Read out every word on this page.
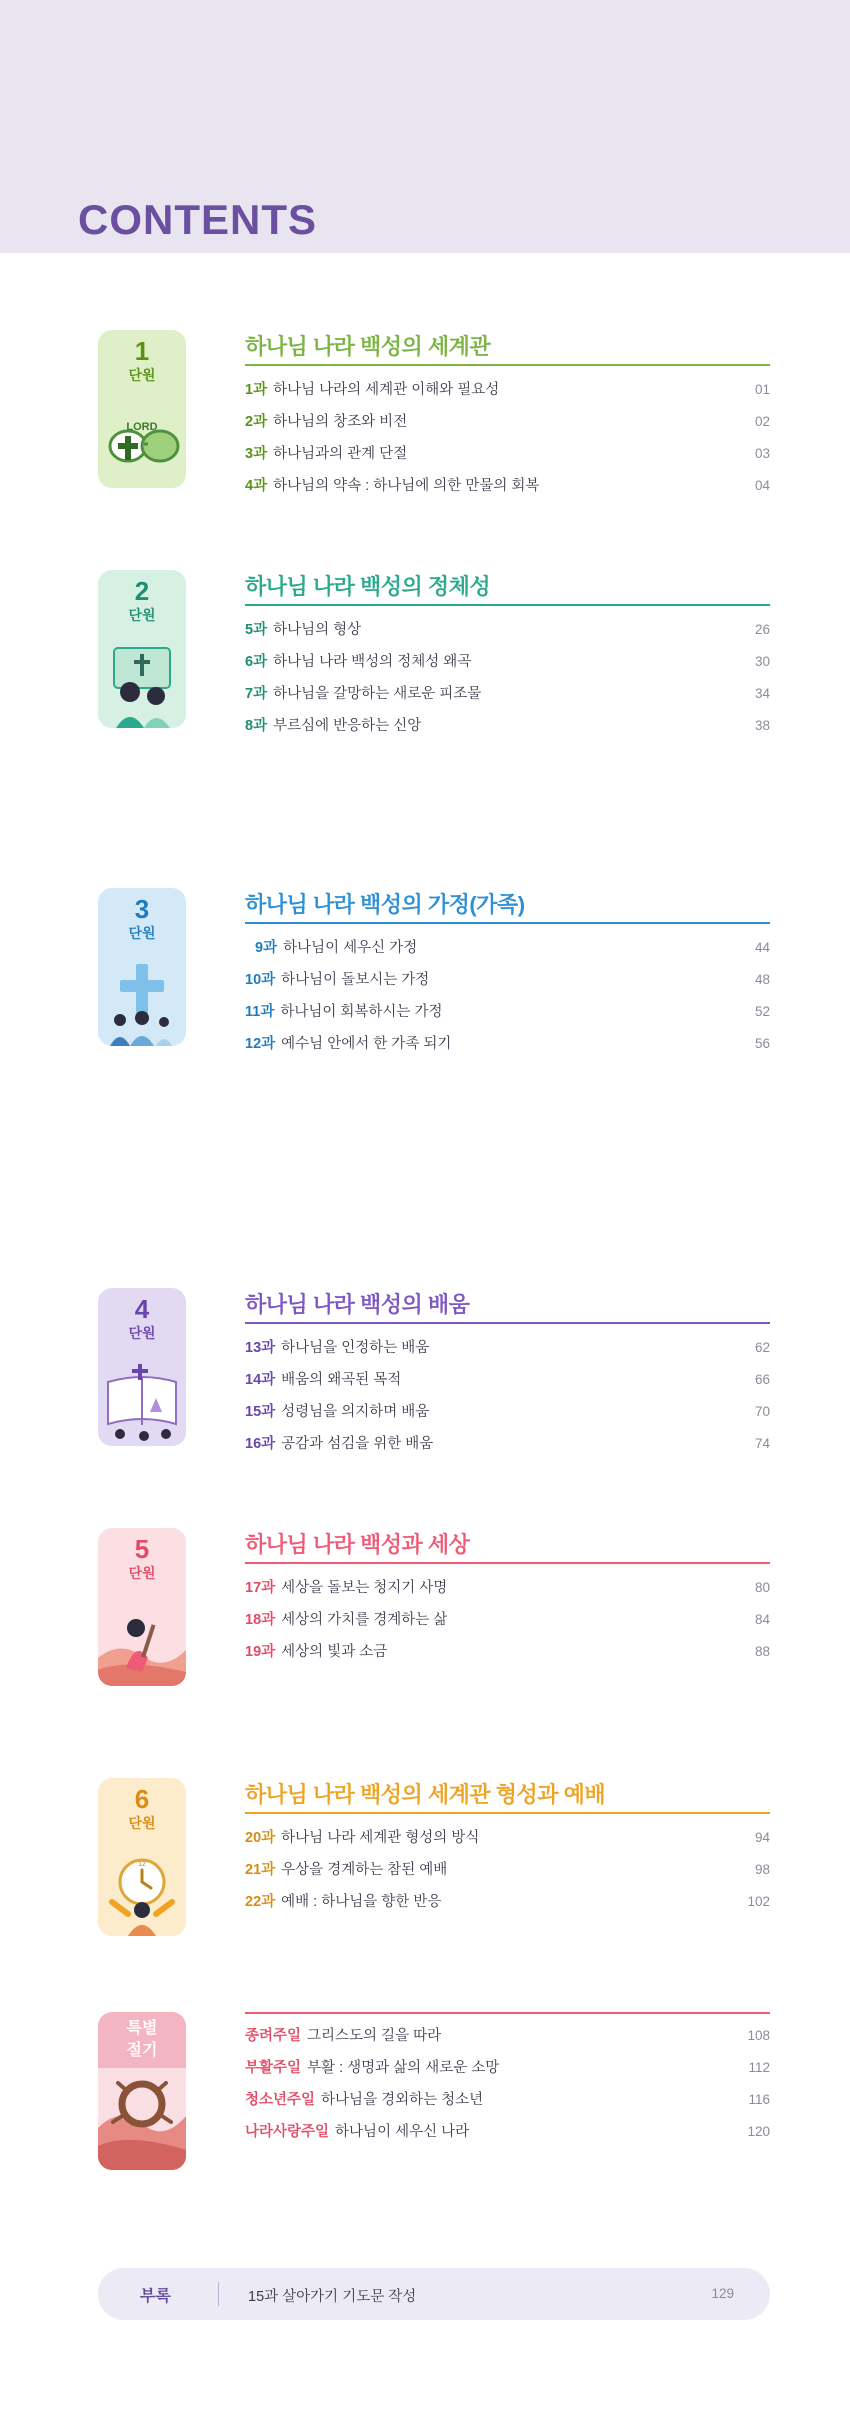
CONTENTS
1
단원
LORD
하나님 나라 백성의 세계관
1과 하나님 나라의 세계관 이해와 필요성	01
2과 하나님의 창조와 비전	02
3과 하나님과의 관계 단절	03
4과 하나님의 약속 : 하나님에 의한 만물의 회복	04
2
단원
하나님 나라 백성의 정체성
5과 하나님의 형상	26
6과 하나님 나라 백성의 정체성 왜곡	30
7과 하나님을 갈망하는 새로운 피조물	34
8과 부르심에 반응하는 신앙	38
3
단원
하나님 나라 백성의 가정(가족)
9과 하나님이 세우신 가정	44
10과 하나님이 돌보시는 가정	48
11과 하나님이 회복하시는 가정	52
12과 예수님 안에서 한 가족 되기	56
4
단원
하나님 나라 백성의 배움
13과 하나님을 인정하는 배움	62
14과 배움의 왜곡된 목적	66
15과 성령님을 의지하며 배움	70
16과 공감과 섬김을 위한 배움	74
5
단원
하나님 나라 백성과 세상
17과 세상을 돌보는 청지기 사명	80
18과 세상의 가치를 경계하는 삶	84
19과 세상의 빛과 소금	88
6
단원
12
하나님 나라 백성의 세계관 형성과 예배
20과 하나님 나라 세계관 형성의 방식	94
21과 우상을 경계하는 참된 예배	98
22과 예배 : 하나님을 향한 반응	102
특별
절기
종려주일 그리스도의 길을 따라	108
부활주일 부활 : 생명과 삶의 새로운 소망	112
청소년주일 하나님을 경외하는 청소년	116
나라사랑주일 하나님이 세우신 나라	120
부록	15과 살아가기 기도문 작성	129
